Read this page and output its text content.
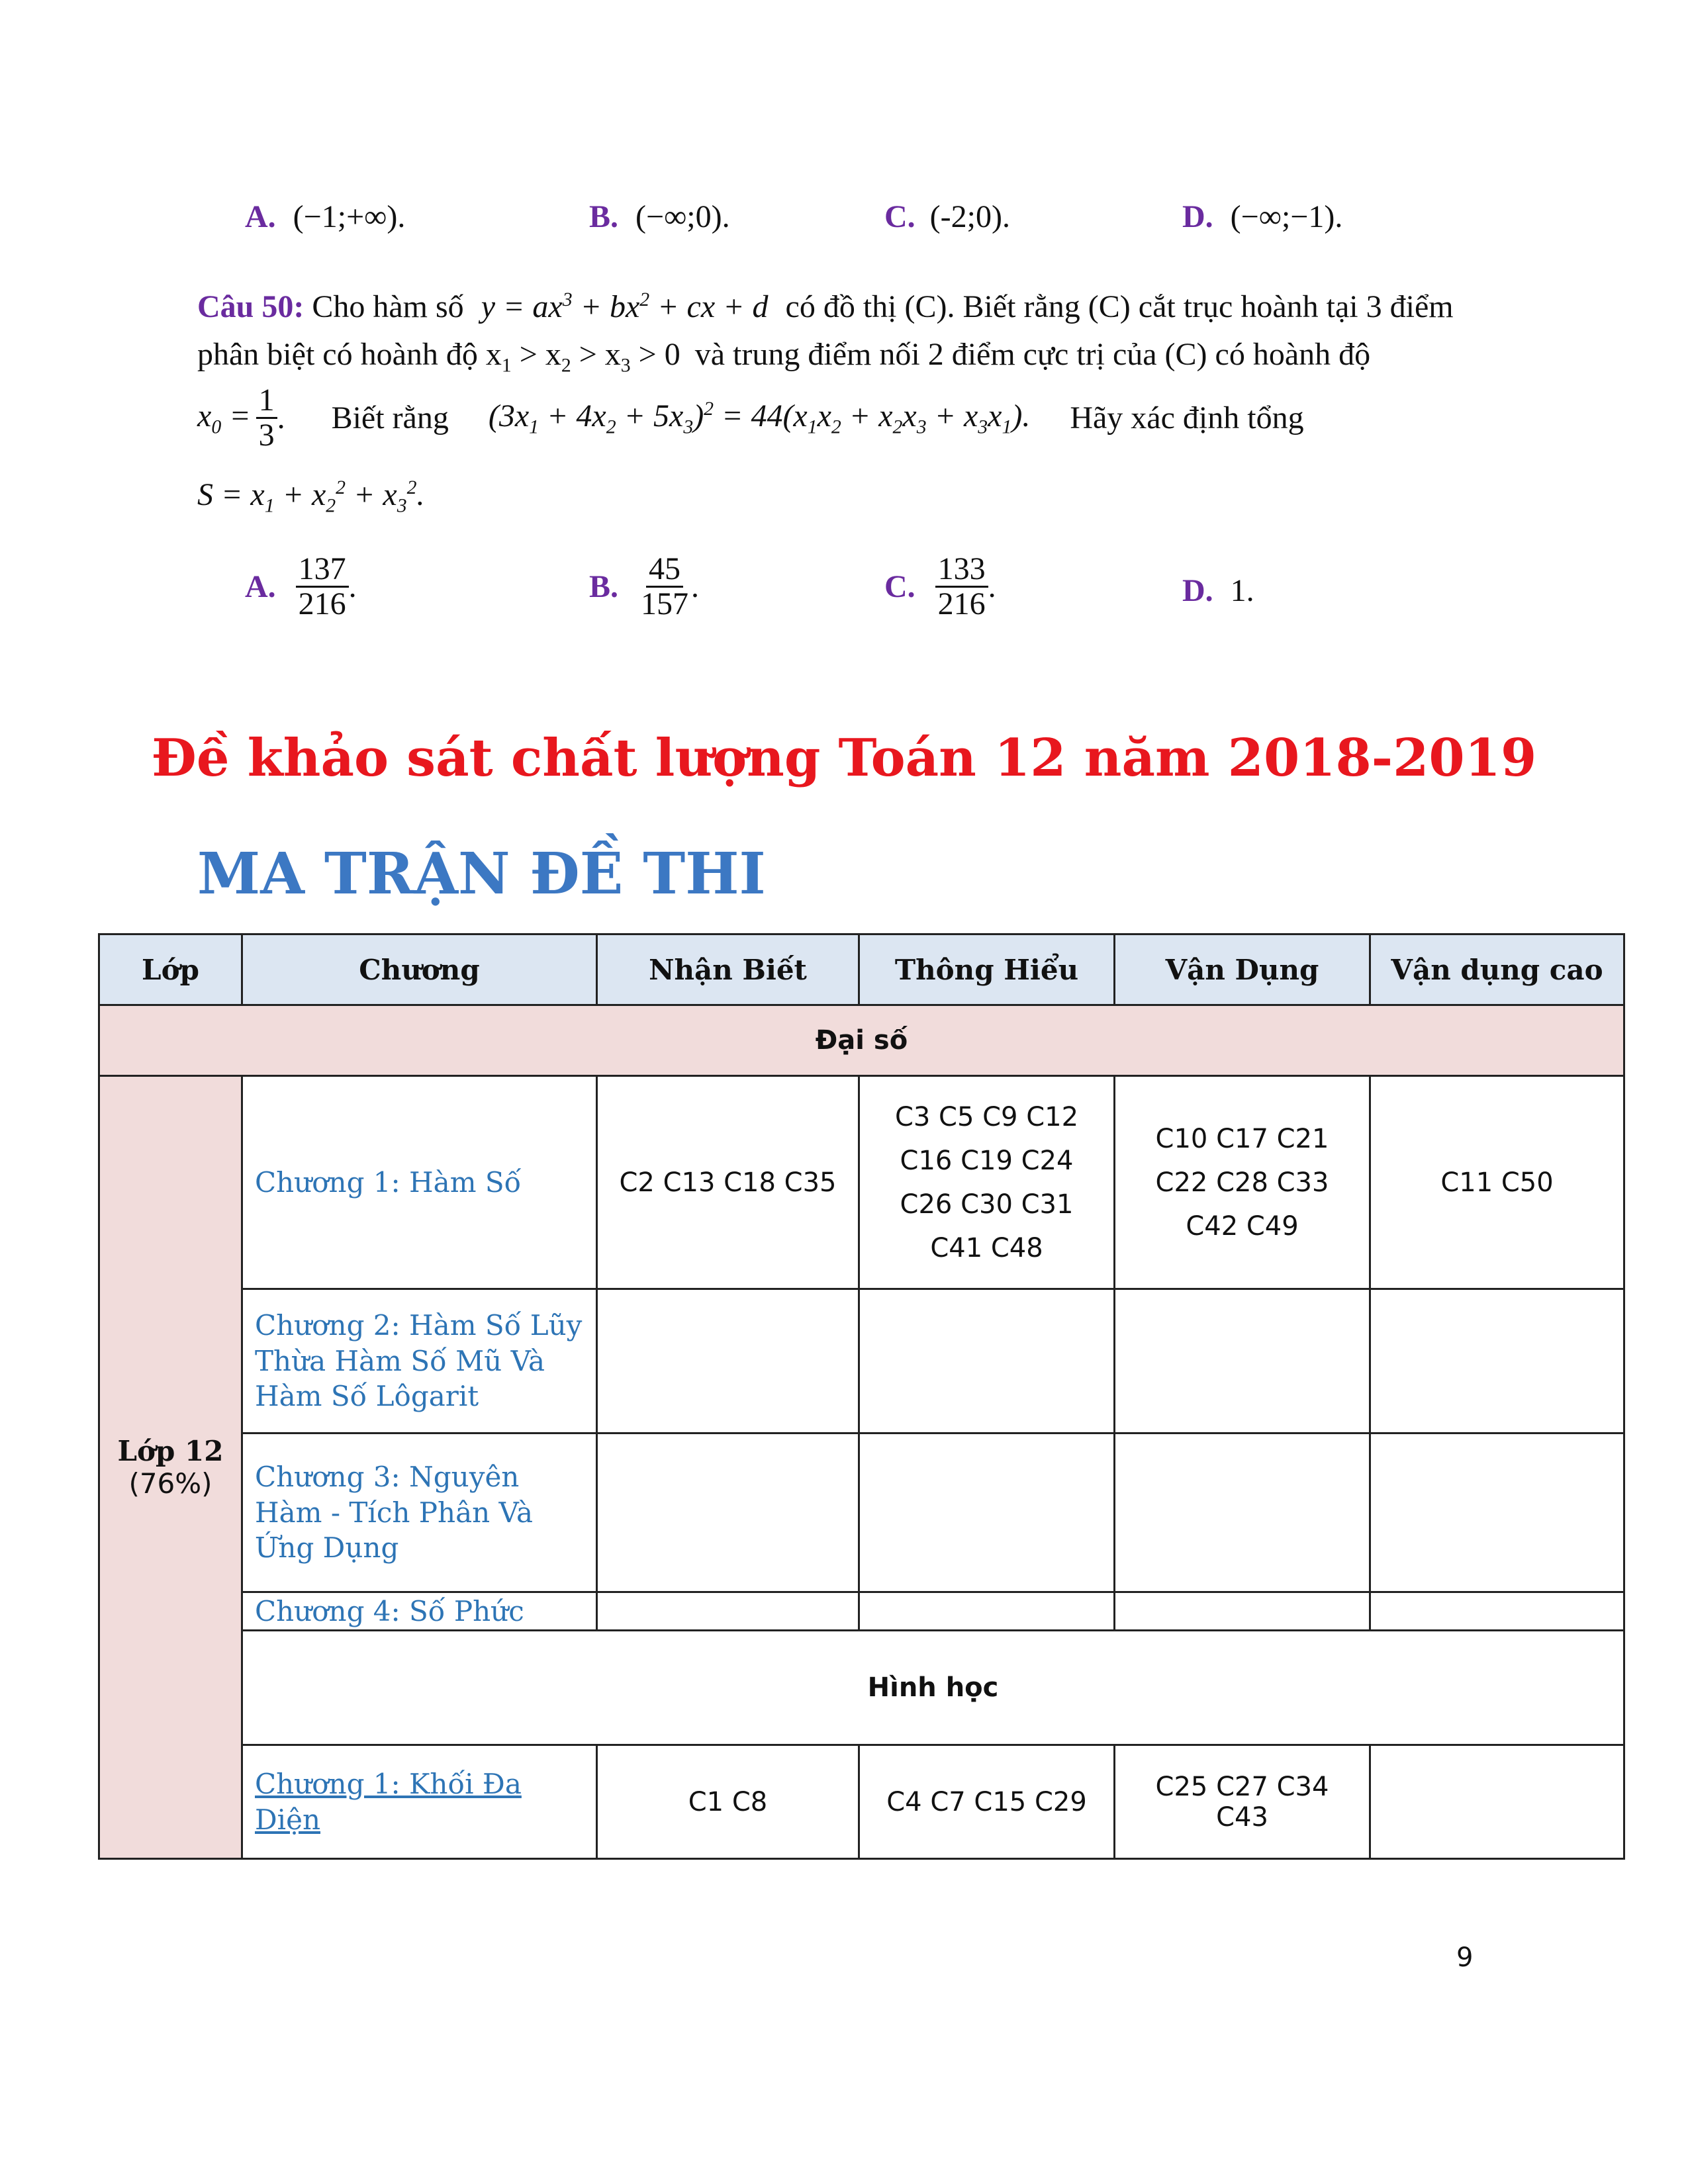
A. (−1;+∞).	B. (−∞;0).	C. (-2;0).	D. (−∞;−1).
Câu 50: Cho hàm số $y = ax^3 + bx^2$ + cx + d có đồ thị (C). Biết rằng (C) cắt trục hoành tại 3 điểm
phân biệt có hoành độ $x_1 > x_2 > x_3 > 0$ và trung điểm nối 2 điểm cực trị của (C) có hoành độ
$x_0 = \frac{1}{3}$ . Biết rằng $(3x_1 + 4x_2 + 5x_3)^2 = 44(x_1x_2 + x_2x_3 + x_3x_1)$. Hãy xác định tổng
$S = x_1 + x_2^2 + x_3^2$.
A. $\frac{137}{216}$ .	B. $\frac{45}{157}$ .	C. $\frac{133}{216}$ .	D. 1.
Đề khảo sát chất lượng Toán 12 năm 2018-2019
MA TRẬN ĐỀ THI
Lớp	Chương	Nhận Biết	Thông Hiểu	Vận Dụng	Vận dụng cao
Đại số					

Lớp 12
(76%)	Chương 1: Hàm Số	C2 C13 C18 C35	C3 C5 C9 C12 C16 C19 C24 C26 C30 C31 C41 C48	C10 C17 C21 C22 C28 C33 C42 C49	C11 C50
	Chương 2: Hàm Số Lũy Thừa Hàm Số Mũ Và Hàm Số Lôgarit				
	Chương 3: Nguyên Hàm - Tích Phân Và Ứng Dụng				
	Chương 4: Số Phức				
	Hình học				
	Chương 1: Khối Đa Diện	C1 C8	C4 C7 C15 C29	C25 C27 C34 C43	
9
